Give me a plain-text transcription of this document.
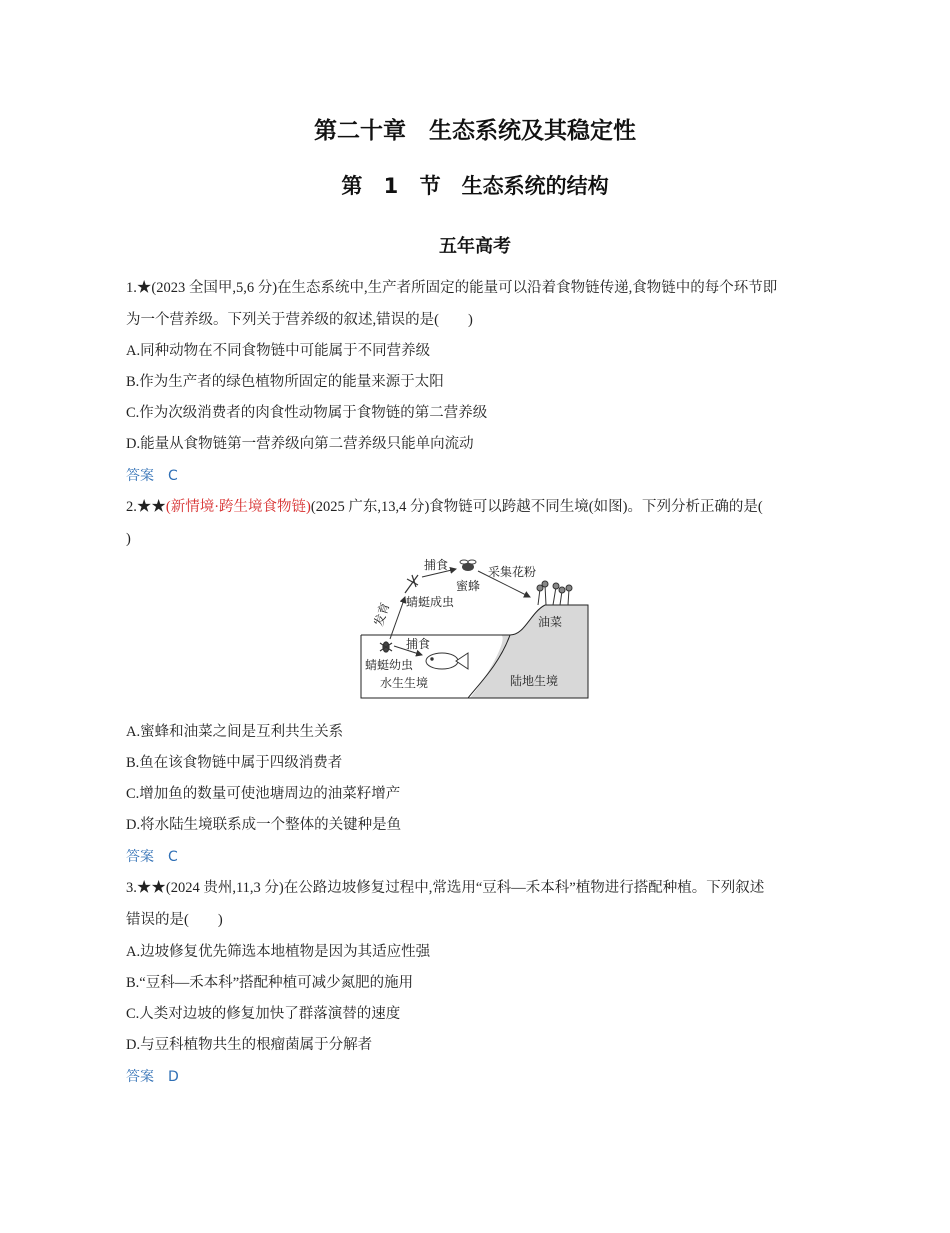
第二十章　生态系统及其稳定性
第 1 节　生态系统的结构
五年高考
1.★(2023 全国甲,5,6 分)在生态系统中,生产者所固定的能量可以沿着食物链传递,食物链中的每个环节即
为一个营养级。下列关于营养级的叙述,错误的是(　　)
A.同种动物在不同食物链中可能属于不同营养级
B.作为生产者的绿色植物所固定的能量来源于太阳
C.作为次级消费者的肉食性动物属于食物链的第二营养级
D.能量从食物链第一营养级向第二营养级只能单向流动
答案 C
2.★★(新情境·跨生境食物链)(2025 广东,13,4 分)食物链可以跨越不同生境(如图)。下列分析正确的是(
)
捕食
蜜蜂
采集花粉
发育 蜻蜓成虫
油菜
捕食
蜻蜓幼虫
水生生境	陆地生境
A.蜜蜂和油菜之间是互利共生关系
B.鱼在该食物链中属于四级消费者
C.增加鱼的数量可使池塘周边的油菜籽增产
D.将水陆生境联系成一个整体的关键种是鱼
答案 C
3.★★(2024 贵州,11,3 分)在公路边坡修复过程中,常选用“豆科—禾本科”植物进行搭配种植。下列叙述
错误的是(　　)
A.边坡修复优先筛选本地植物是因为其适应性强
B.“豆科—禾本科”搭配种植可减少氮肥的施用
C.人类对边坡的修复加快了群落演替的速度
D.与豆科植物共生的根瘤菌属于分解者
答案 D
